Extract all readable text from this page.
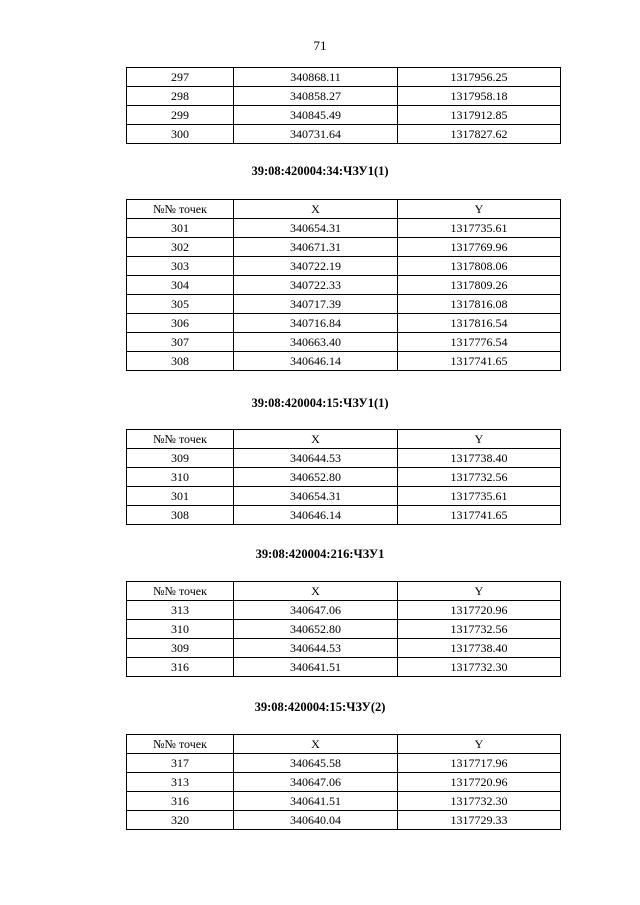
71
297	340868.11	1317956.25
298	340858.27	1317958.18
299	340845.49	1317912.85
300	340731.64	1317827.62
39:08:420004:34:ЧЗУ1(1)
№№ точек	X	Y
301	340654.31	1317735.61
302	340671.31	1317769.96
303	340722.19	1317808.06
304	340722.33	1317809.26
305	340717.39	1317816.08
306	340716.84	1317816.54
307	340663.40	1317776.54
308	340646.14	1317741.65
39:08:420004:15:ЧЗУ1(1)
№№ точек	X	Y
309	340644.53	1317738.40
310	340652.80	1317732.56
301	340654.31	1317735.61
308	340646.14	1317741.65
39:08:420004:216:ЧЗУ1
№№ точек	X	Y
313	340647.06	1317720.96
310	340652.80	1317732.56
309	340644.53	1317738.40
316	340641.51	1317732.30
39:08:420004:15:ЧЗУ(2)
№№ точек	X	Y
317	340645.58	1317717.96
313	340647.06	1317720.96
316	340641.51	1317732.30
320	340640.04	1317729.33
